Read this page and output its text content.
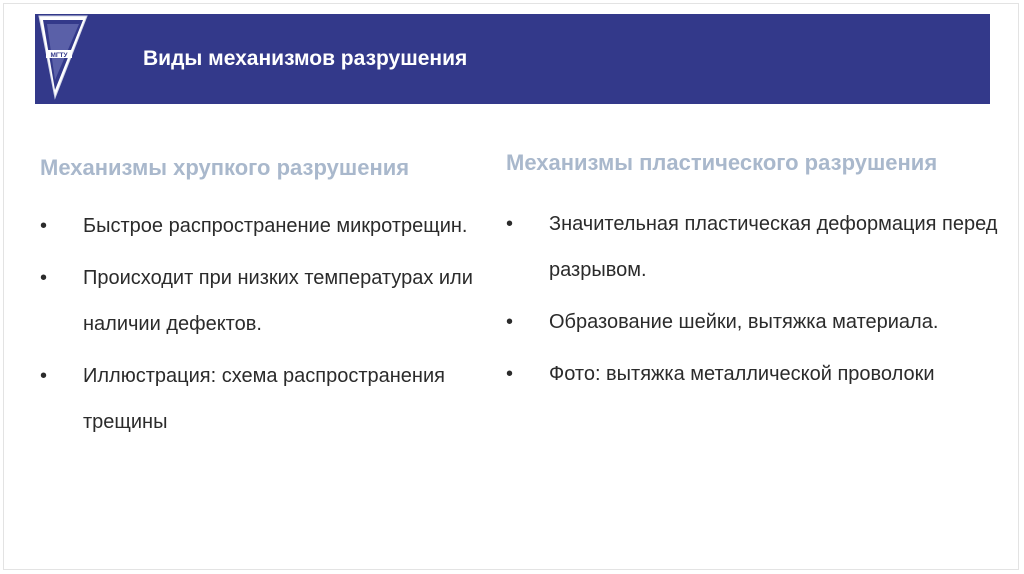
МГТУ	Виды механизмов разрушения
Механизмы хрупкого разрушения
•	Быстрое распространение микротрещин.
•	Происходит при низких температурах или наличии дефектов.
•	Иллюстрация: схема распространения трещины
Механизмы пластического разрушения
•	Значительная пластическая деформация перед разрывом.
•	Образование шейки, вытяжка материала.
•	Фото: вытяжка металлической проволоки
